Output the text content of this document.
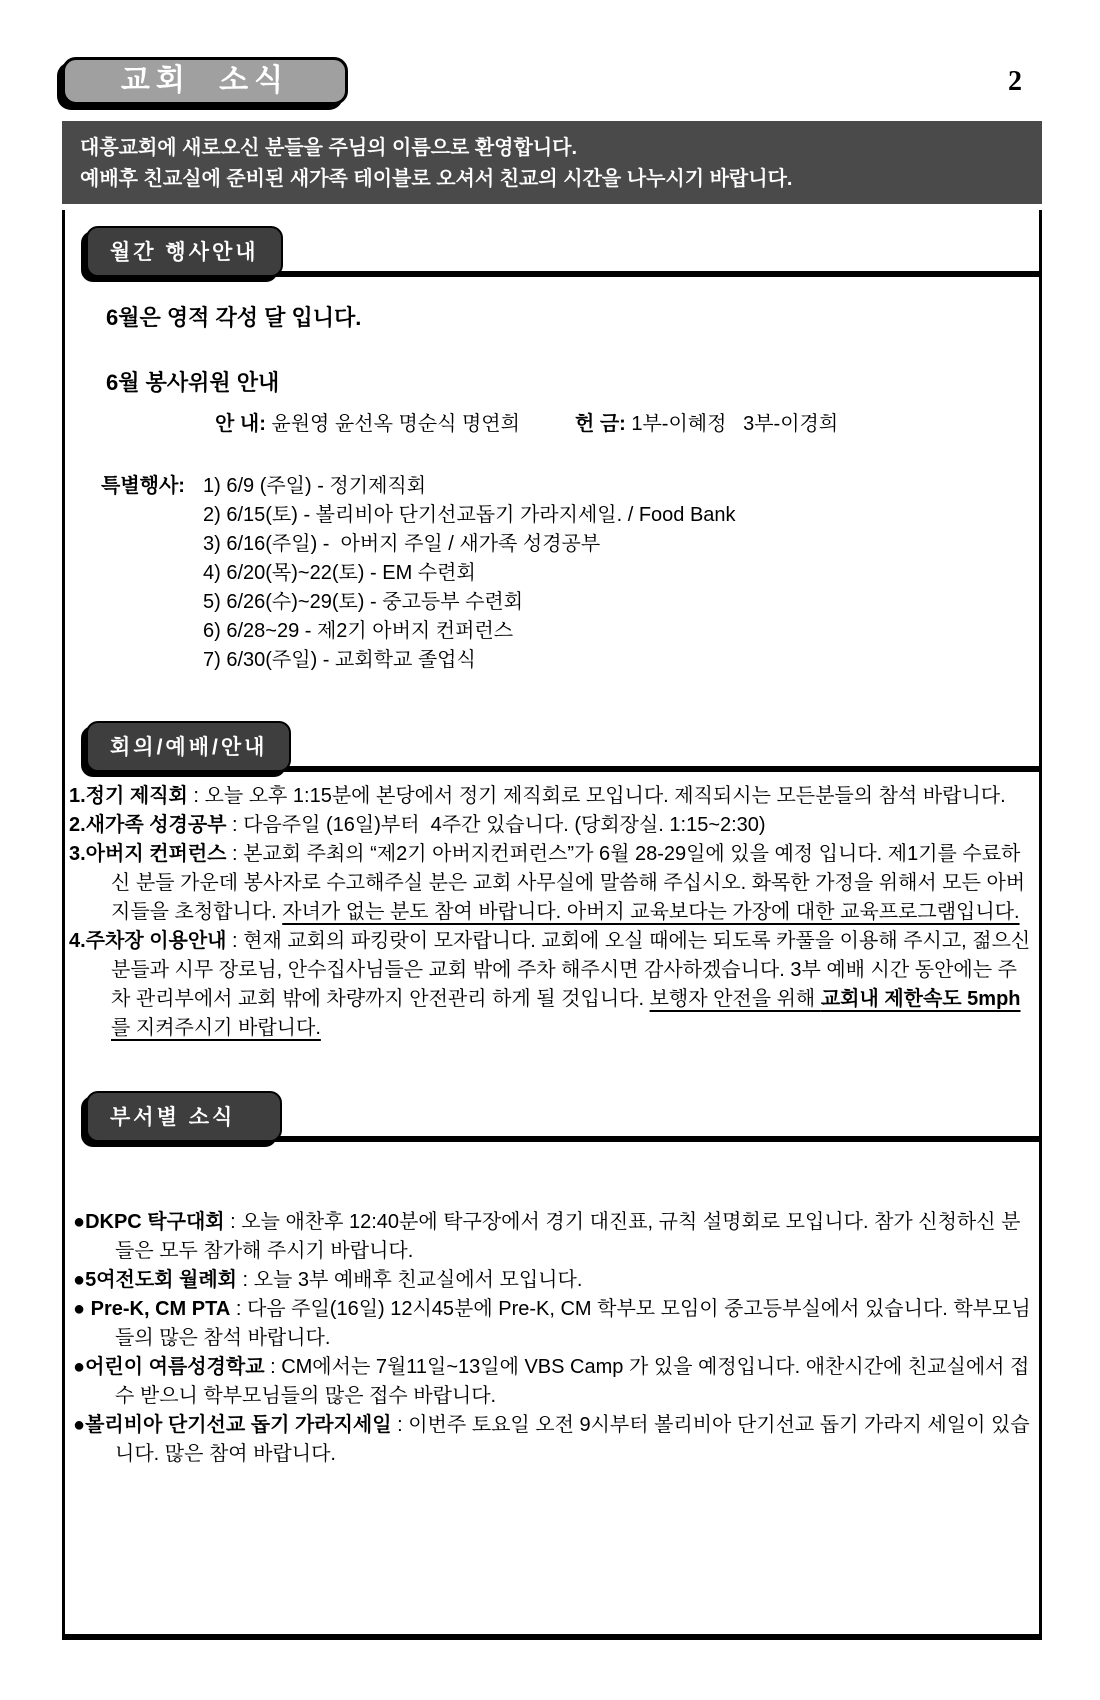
교회 소식	2
대흥교회에 새로오신 분들을 주님의 이름으로 환영합니다.
예배후 친교실에 준비된 새가족 테이블로 오셔서 친교의 시간을 나누시기 바랍니다.
월간 행사안내
6월은 영적 각성 달 입니다.
6월 봉사위원 안내
안 내: 윤원영 윤선옥 명순식 명연희	헌 금: 1부-이혜정   3부-이경희
특별행사: 1) 6/9 (주일) - 정기제직회
2) 6/15(토) - 볼리비아 단기선교돕기 가라지세일. / Food Bank
3) 6/16(주일) -  아버지 주일 / 새가족 성경공부
4) 6/20(목)~22(토) - EM 수련회
5) 6/26(수)~29(토) - 중고등부 수련회
6) 6/28~29 - 제2기 아버지 컨퍼런스
7) 6/30(주일) - 교회학교 졸업식
회의/예배/안내
1.정기 제직회 : 오늘 오후 1:15분에 본당에서 정기 제직회로 모입니다. 제직되시는 모든분들의 참석 바랍니다.
2.새가족 성경공부 : 다음주일 (16일)부터  4주간 있습니다. (당회장실. 1:15~2:30)
3.아버지 컨퍼런스 : 본교회 주최의 “제2기 아버지컨퍼런스”가 6월 28-29일에 있을 예정 입니다. 제1기를 수료하신 분들 가운데 봉사자로 수고해주실 분은 교회 사무실에 말씀해 주십시오. 화목한 가정을 위해서 모든 아버지들을 초청합니다. 자녀가 없는 분도 참여 바랍니다. 아버지 교육보다는 가장에 대한 교육프로그램입니다.
4.주차장 이용안내 : 현재 교회의 파킹랏이 모자랍니다. 교회에 오실 때에는 되도록 카풀을 이용해 주시고, 젊으신 분들과 시무 장로님, 안수집사님들은 교회 밖에 주차 해주시면 감사하겠습니다. 3부 예배 시간 동안에는 주차 관리부에서 교회 밖에 차량까지 안전관리 하게 될 것입니다. 보행자 안전을 위해 교회내 제한속도 5mph를 지켜주시기 바랍니다.
부서별 소식
●DKPC 탁구대회 : 오늘 애찬후 12:40분에 탁구장에서 경기 대진표, 규칙 설명회로 모입니다. 참가 신청하신 분들은 모두 참가해 주시기 바랍니다.
●5여전도회 월례회 : 오늘 3부 예배후 친교실에서 모입니다.
● Pre-K, CM PTA : 다음 주일(16일) 12시45분에 Pre-K, CM 학부모 모임이 중고등부실에서 있습니다. 학부모님들의 많은 참석 바랍니다.
●어린이 여름성경학교 : CM에서는 7월11일~13일에 VBS Camp 가 있을 예정입니다. 애찬시간에 친교실에서 접수 받으니 학부모님들의 많은 접수 바랍니다.
●볼리비아 단기선교 돕기 가라지세일 : 이번주 토요일 오전 9시부터 볼리비아 단기선교 돕기 가라지 세일이 있습니다. 많은 참여 바랍니다.
